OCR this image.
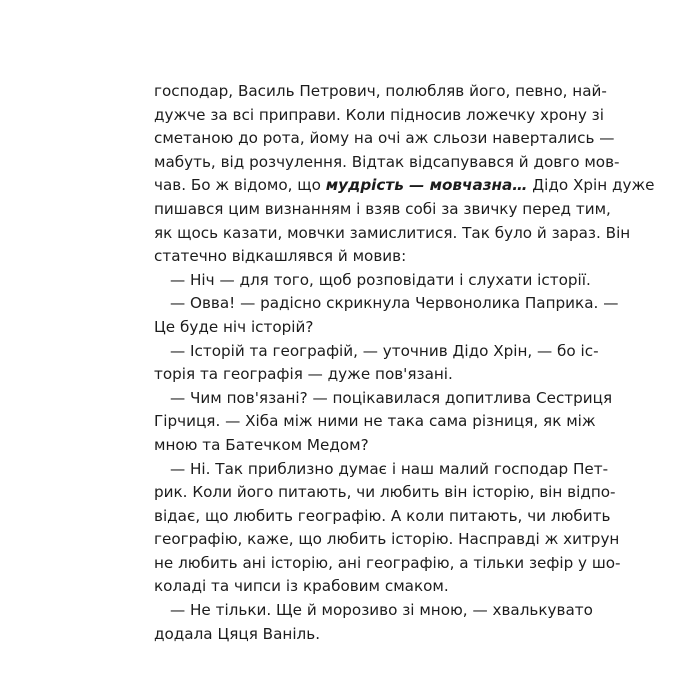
господар, Василь Петрович, полюбляв його, певно, най-
дужче за всі приправи. Коли підносив ложечку хрону зі
сметаною до рота, йому на очі аж сльози навертались —
мабуть, від розчулення. Відтак відсапувався й довго мов-
чав. Бо ж відомо, що мудрість — мовчазна… Дідо Хрін дуже
пишався цим визнанням і взяв собі за звичку перед тим,
як щось казати, мовчки замислитися. Так було й зараз. Він
статечно відкашлявся й мовив:
— Ніч — для того, щоб розповідати і слухати історії.
— Овва! — радісно скрикнула Червонолика Паприка. —
Це буде ніч історій?
— Історій та географій, — уточнив Дідо Хрін, — бо іс-
торія та географія — дуже пов'язані.
— Чим пов'язані? — поцікавилася допитлива Сестриця
Гірчиця. — Хіба між ними не така сама різниця, як між
мною та Батечком Медом?
— Ні. Так приблизно думає і наш малий господар Пет-
рик. Коли його питають, чи любить він історію, він відпо-
відає, що любить географію. А коли питають, чи любить
географію, каже, що любить історію. Насправді ж хитрун
не любить ані історію, ані географію, а тільки зефір у шо-
коладі та чипси із крабовим смаком.
— Не тільки. Ще й морозиво зі мною, — хвалькувато
додала Цяця Ваніль.
